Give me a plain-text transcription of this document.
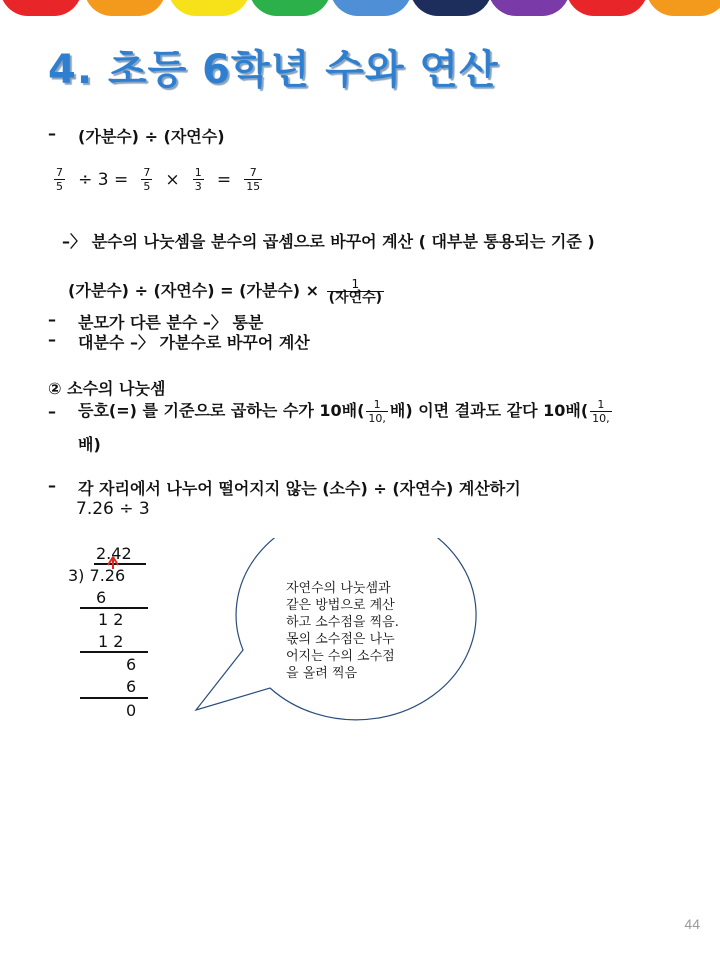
4. 초등 6학년 수와 연산
– (가분수) ÷ (자연수)
$\frac{7}{5} \div 3 = \frac{7}{5} \times \frac{1}{3} = \frac{7}{15}$
–〉 분수의 나눗셈을 분수의 곱셈으로 바꾸어 계산 ( 대부분 통용되는 기준 )
(가분수) ÷ (자연수) = (가분수) × $\frac{1}{\text{(자연수)}}$
– 분모가 다른 분수 –〉 통분
– 대분수 –〉 가분수로 바꾸어 계산
② 소수의 나눗셈
– 등호(=) 를 기준으로 곱하는 수가 10배( $\frac{1}{10,}$ 배) 이면 결과도 같다 10배( $\frac{1}{10,}$
배)
– 각 자리에서 나누어 떨어지지 않는 (소수) ÷ (자연수) 계산하기
7.26 ÷ 3
2.42
3) 7.26
6
1 2
1 2
6
6
0
자연수의 나눗셈과
같은 방법으로 계산
하고 소수점을 찍음.
몫의 소수점은 나누
어지는 수의 소수점
을 올려 찍음
44
